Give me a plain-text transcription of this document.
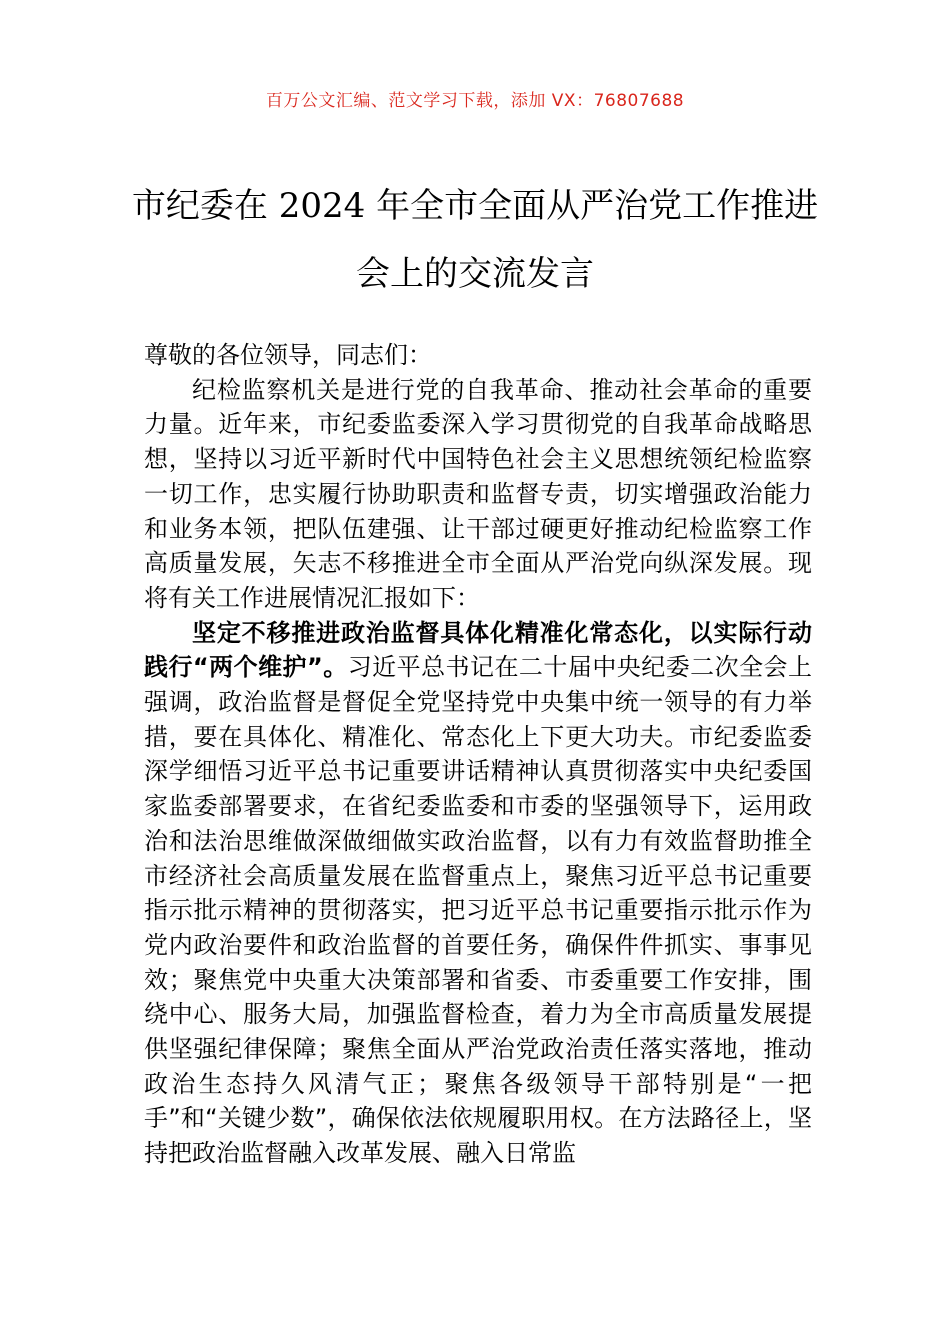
百万公文汇编、范文学习下载，添加 VX：76807688
市纪委在 2024 年全市全面从严治党工作推进会上的交流发言

尊敬的各位领导，同志们：

纪检监察机关是进行党的自我革命、推动社会革命的重要力量。近年来，市纪委监委深入学习贯彻党的自我革命战略思想，坚持以习近平新时代中国特色社会主义思想统领纪检监察一切工作，忠实履行协助职责和监督专责，切实增强政治能力和业务本领，把队伍建强、让干部过硬更好推动纪检监察工作高质量发展，矢志不移推进全市全面从严治党向纵深发展。现将有关工作进展情况汇报如下：

坚定不移推进政治监督具体化精准化常态化，以实际行动践行“两个维护”。习近平总书记在二十届中央纪委二次全会上强调，政治监督是督促全党坚持党中央集中统一领导的有力举措，要在具体化、精准化、常态化上下更大功夫。市纪委监委深学细悟习近平总书记重要讲话精神认真贯彻落实中央纪委国家监委部署要求，在省纪委监委和市委的坚强领导下，运用政治和法治思维做深做细做实政治监督，以有力有效监督助推全市经济社会高质量发展在监督重点上，聚焦习近平总书记重要指示批示精神的贯彻落实，把习近平总书记重要指示批示作为党内政治要件和政治监督的首要任务，确保件件抓实、事事见效；聚焦党中央重大决策部署和省委、市委重要工作安排，围绕中心、服务大局，加强监督检查，着力为全市高质量发展提供坚强纪律保障；聚焦全面从严治党政治责任落实落地，推动政治生态持久风清气正；聚焦各级领导干部特别是“一把手”和“关键少数”，确保依法依规履职用权。在方法路径上，坚持把政治监督融入改革发展、融入日常监
